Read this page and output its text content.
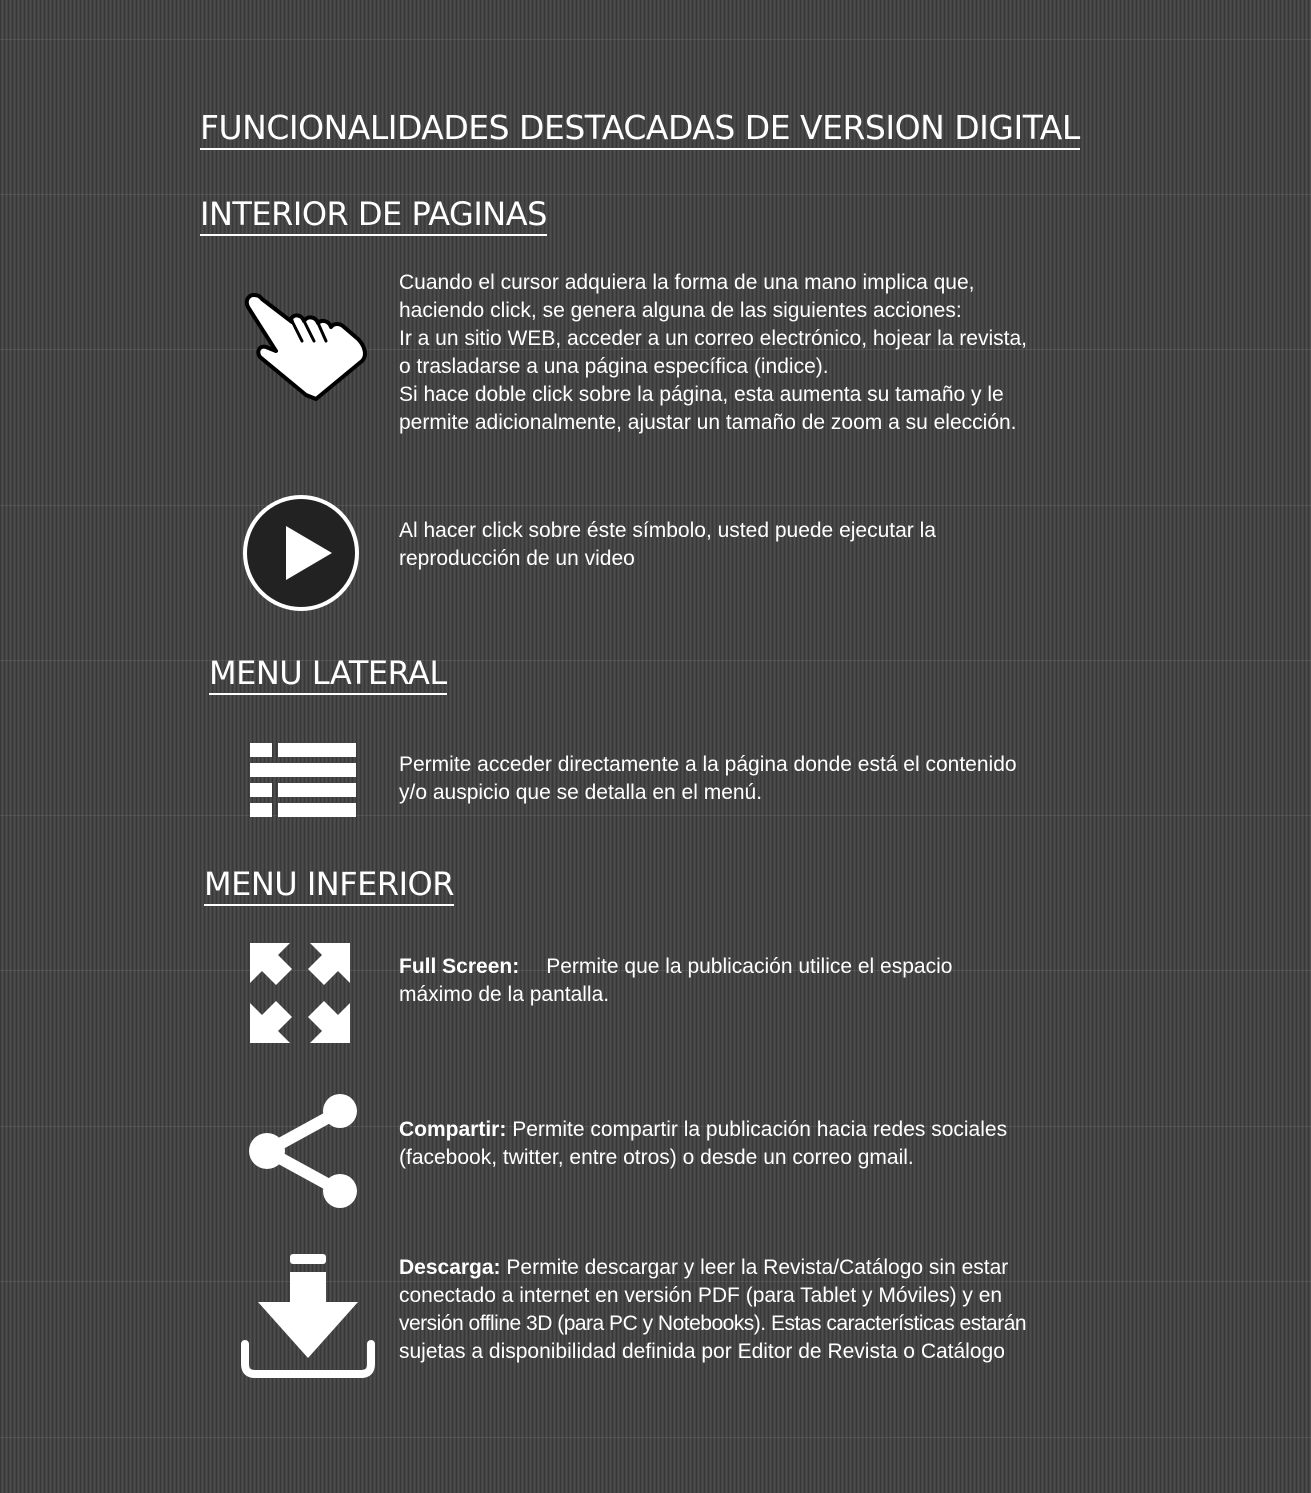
FUNCIONALIDADES DESTACADAS DE VERSION DIGITAL
INTERIOR DE PAGINAS

Cuando el cursor adquiera la forma de una mano implica que,

haciendo click, se genera alguna de las siguientes acciones:

Ir a un sitio WEB, acceder a un correo electrónico, hojear la revista,

o trasladarse a una página específica (indice).

Si hace doble click sobre la página, esta aumenta su tamaño y le

permite adicionalmente, ajustar un tamaño de zoom a su elección.

Al hacer click sobre éste símbolo, usted puede ejecutar la

reproducción de un video

MENU LATERAL

Permite acceder directamente a la página donde está el contenido

y/o auspicio que se detalla en el menú.

MENU INFERIOR

Full Screen: Permite que la publicación utilice el espacio

máximo de la pantalla.

Compartir: Permite compartir la publicación hacia redes sociales

(facebook, twitter, entre otros) o desde un correo gmail.

Descarga: Permite descargar y leer la Revista/Catálogo sin estar

conectado a internet en versión PDF (para Tablet y Móviles) y en

versión offline 3D (para PC y Notebooks). Estas características estarán

sujetas a disponibilidad definida por Editor de Revista o Catálogo
